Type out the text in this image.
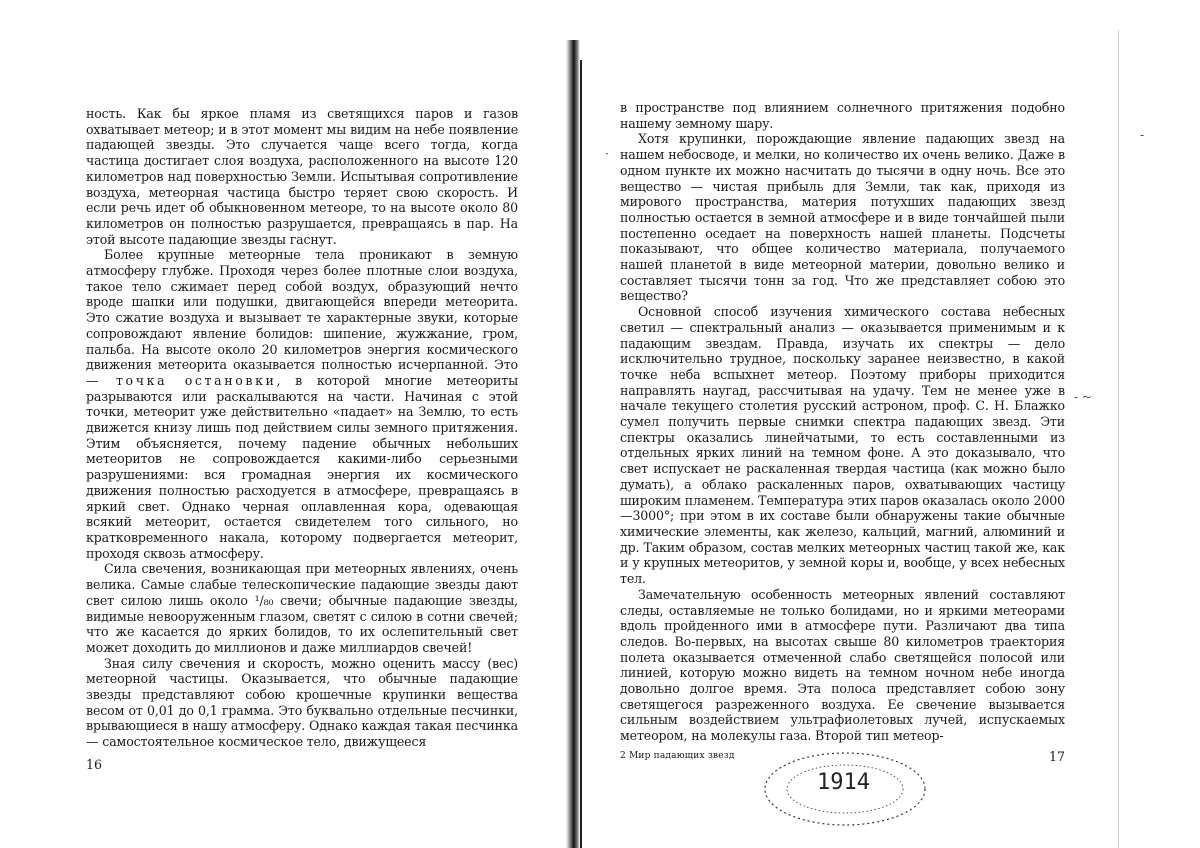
ность. Как бы яркое пламя из светящихся паров и газов охватывает метеор; и в этот момент мы видим на небе появление падающей звезды. Это случается чаще всего тогда, когда частица достигает слоя воздуха, расположенного на высоте 120 километров над поверхностью Земли. Испытывая сопротивление воздуха, метеорная частица быстро теряет свою скорость. И если речь идет об обыкновенном метеоре, то на высоте около 80 километров он полностью разрушается, превращаясь в пар. На этой высоте падающие звезды гаснут.

Более крупные метеорные тела проникают в земную атмосферу глубже. Проходя через более плотные слои воздуха, такое тело сжимает перед собой воздух, образующий нечто вроде шапки или подушки, двигающейся впереди метеорита. Это сжатие воздуха и вызывает те характерные звуки, которые сопровождают явление болидов: шипение, жужжание, гром, пальба. На высоте около 20 километров энергия космического движения метеорита оказывается полностью исчерпанной. Это — точка остановки, в которой многие метеориты разрываются или раскалываются на части. Начиная с этой точки, метеорит уже действительно «падает» на Землю, то есть движется книзу лишь под действием силы земного притяжения. Этим объясняется, почему падение обычных небольших метеоритов не сопровождается какими-либо серьезными разрушениями: вся громадная энергия их космического движения полностью расходуется в атмосфере, превращаясь в яркий свет. Однако черная оплавленная кора, одевающая всякий метеорит, остается свидетелем того сильного, но кратковременного накала, которому подвергается метеорит, проходя сквозь атмосферу.

Сила свечения, возникающая при метеорных явлениях, очень велика. Самые слабые телескопические падающие звезды дают свет силою лишь около ¹/₈₀ свечи; обычные падающие звезды, видимые невооруженным глазом, светят с силою в сотни свечей; что же касается до ярких болидов, то их ослепительный свет может доходить до миллионов и даже миллиардов свечей!

Зная силу свечения и скорость, можно оценить массу (вес) метеорной частицы. Оказывается, что обычные падающие звезды представляют собою крошечные крупинки вещества весом от 0,01 до 0,1 грамма. Это буквально отдельные песчинки, врывающиеся в нашу атмосферу. Однако каждая такая песчинка — самостоятельное космическое тело, движущееся

16

в пространстве под влиянием солнечного притяжения подобно нашему земному шару.

Хотя крупинки, порождающие явление падающих звезд на нашем небосводе, и мелки, но количество их очень велико. Даже в одном пункте их можно насчитать до тысячи в одну ночь. Все это вещество — чистая прибыль для Земли, так как, приходя из мирового пространства, материя потухших падающих звезд полностью остается в земной атмосфере и в виде тончайшей пыли постепенно оседает на поверхность нашей планеты. Подсчеты показывают, что общее количество материала, получаемого нашей планетой в виде метеорной материи, довольно велико и составляет тысячи тонн за год. Что же представляет собою это вещество?

Основной способ изучения химического состава небесных светил — спектральный анализ — оказывается применимым и к падающим звездам. Правда, изучать их спектры — дело исключительно трудное, поскольку заранее неизвестно, в какой точке неба вспыхнет метеор. Поэтому приборы приходится направлять наугад, рассчитывая на удачу. Тем не менее уже в начале текущего столетия русский астроном, проф. С. Н. Блажко сумел получить первые снимки спектра падающих звезд. Эти спектры оказались линейчатыми, то есть составленными из отдельных ярких линий на темном фоне. А это доказывало, что свет испускает не раскаленная твердая частица (как можно было думать), а облако раскаленных паров, охватывающих частицу широким пламенем. Температура этих паров оказалась около 2000—3000°; при этом в их составе были обнаружены такие обычные химические элементы, как железо, кальций, магний, алюминий и др. Таким образом, состав мелких метеорных частиц такой же, как и у крупных метеоритов, у земной коры и, вообще, у всех небесных тел.

Замечательную особенность метеорных явлений составляют следы, оставляемые не только болидами, но и яркими метеорами вдоль пройденного ими в атмосфере пути. Различают два типа следов. Во-первых, на высотах свыше 80 километров траектория полета оказывается отмеченной слабо светящейся полосой или линией, которую можно видеть на темном ночном небе иногда довольно долгое время. Эта полоса представляет собою зону светящегося разреженного воздуха. Ее свечение вызывается сильным воздействием ультрафиолетовых лучей, испускаемых метеором, на молекулы газа. Второй тип метеор-

2 Мир падающих звезд	17
1914
-
- ~
·
